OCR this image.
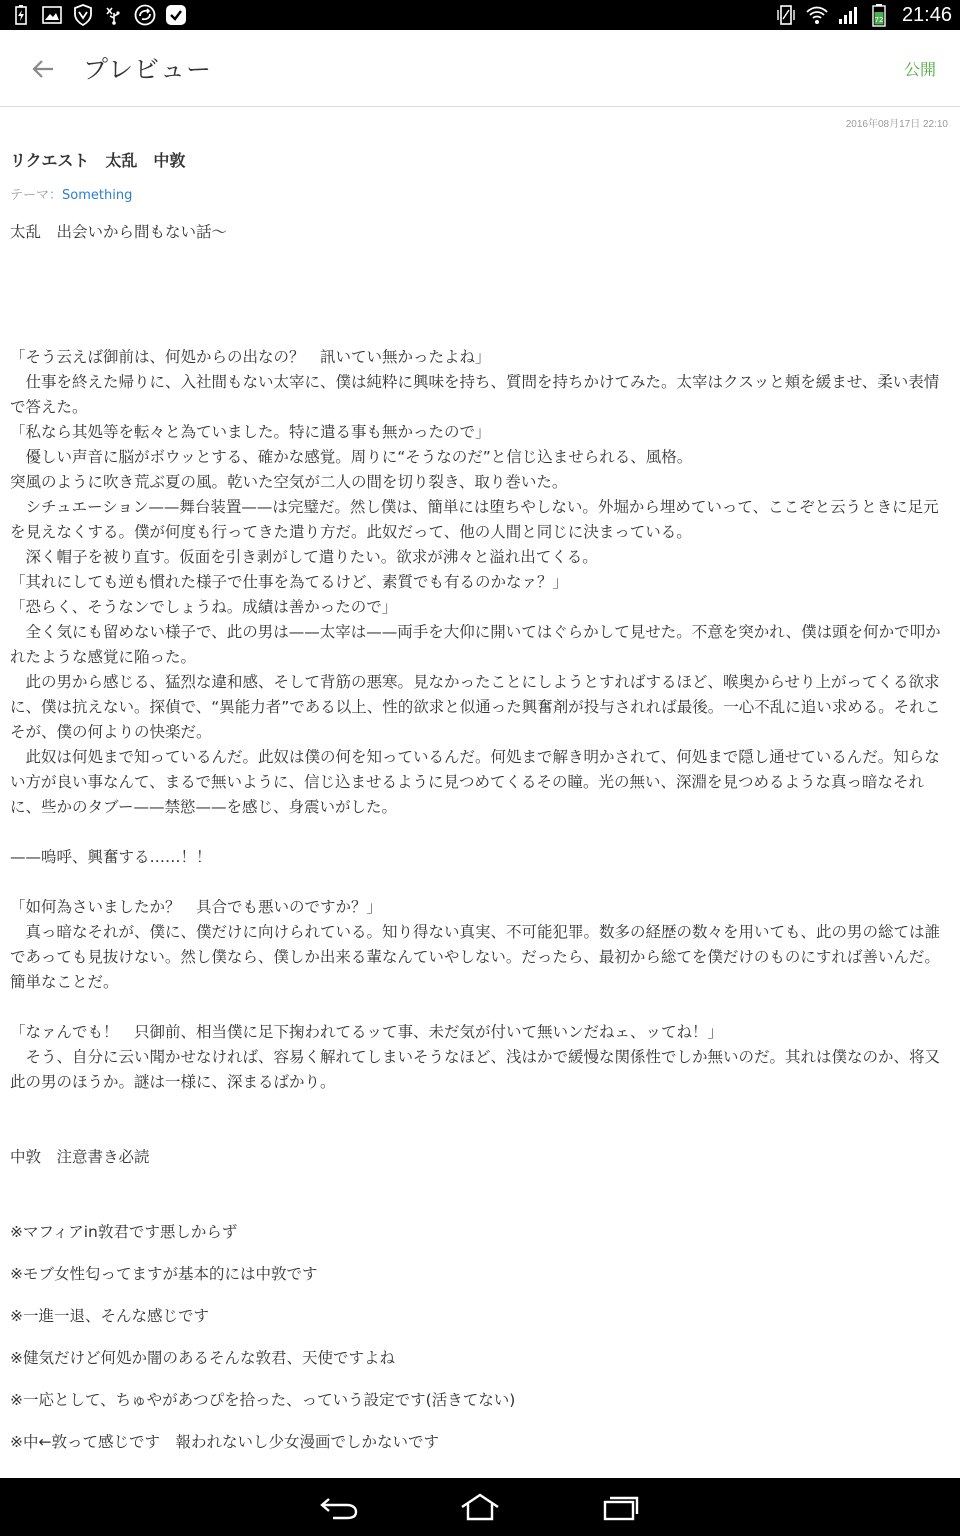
72 21:46
プレビュー	公開
2016年08月17日 22:10
リクエスト　太乱　中敦
テーマ：Something

太乱　出会いから間もない話〜

「そう云えば御前は、何処からの出なの？　訊いてい無かったよね」

　仕事を終えた帰りに、入社間もない太宰に、僕は純粋に興味を持ち、質問を持ちかけてみた。太宰はクスッと頬を緩ませ、柔い表情で答えた。

「私なら其処等を転々と為ていました。特に遣る事も無かったので」

　優しい声音に脳がボウッとする、確かな感覚。周りに“そうなのだ”と信じ込ませられる、風格。

突風のように吹き荒ぶ夏の風。乾いた空気が二人の間を切り裂き、取り巻いた。

　シチュエーション——舞台装置——は完璧だ。然し僕は、簡単には堕ちやしない。外堀から埋めていって、ここぞと云うときに足元を見えなくする。僕が何度も行ってきた遣り方だ。此奴だって、他の人間と同じに決まっている。

　深く帽子を被り直す。仮面を引き剥がして遣りたい。欲求が沸々と溢れ出てくる。

「其れにしても逆も慣れた様子で仕事を為てるけど、素質でも有るのかなァ？」

「恐らく、そうなンでしょうね。成績は善かったので」

　全く気にも留めない様子で、此の男は——太宰は——両手を大仰に開いてはぐらかして見せた。不意を突かれ、僕は頭を何かで叩かれたような感覚に陥った。

　此の男から感じる、猛烈な違和感、そして背筋の悪寒。見なかったことにしようとすればするほど、喉奥からせり上がってくる欲求に、僕は抗えない。探偵で、“異能力者”である以上、性的欲求と似通った興奮剤が投与されれば最後。一心不乱に追い求める。それこそが、僕の何よりの快楽だ。

　此奴は何処まで知っているんだ。此奴は僕の何を知っているんだ。何処まで解き明かされて、何処まで隠し通せているんだ。知らない方が良い事なんて、まるで無いように、信じ込ませるように見つめてくるその瞳。光の無い、深淵を見つめるような真っ暗なそれに、些かのタブー——禁慾——を感じ、身震いがした。

——嗚呼、興奮する……！！

「如何為さいましたか？　具合でも悪いのですか？」

　真っ暗なそれが、僕に、僕だけに向けられている。知り得ない真実、不可能犯罪。数多の経歴の数々を用いても、此の男の総ては誰であっても見抜けない。然し僕なら、僕しか出来る輩なんていやしない。だったら、最初から総てを僕だけのものにすれば善いんだ。簡単なことだ。

「なァんでも！　只御前、相当僕に足下掬われてるッて事、未だ気が付いて無いンだねェ、ッてね！」

　そう、自分に云い聞かせなければ、容易く解れてしまいそうなほど、浅はかで緩慢な関係性でしか無いのだ。其れは僕なのか、将又此の男のほうか。謎は一様に、深まるばかり。

中敦　注意書き必読

※マフィアin敦君です悪しからず

※モブ女性匂ってますが基本的には中敦です

※一進一退、そんな感じです

※健気だけど何処か闇のあるそんな敦君、天使ですよね

※一応として、ちゅやがあつぴを拾った、っていう設定です(活きてない)

※中←敦って感じです　報われないし少女漫画でしかないです
